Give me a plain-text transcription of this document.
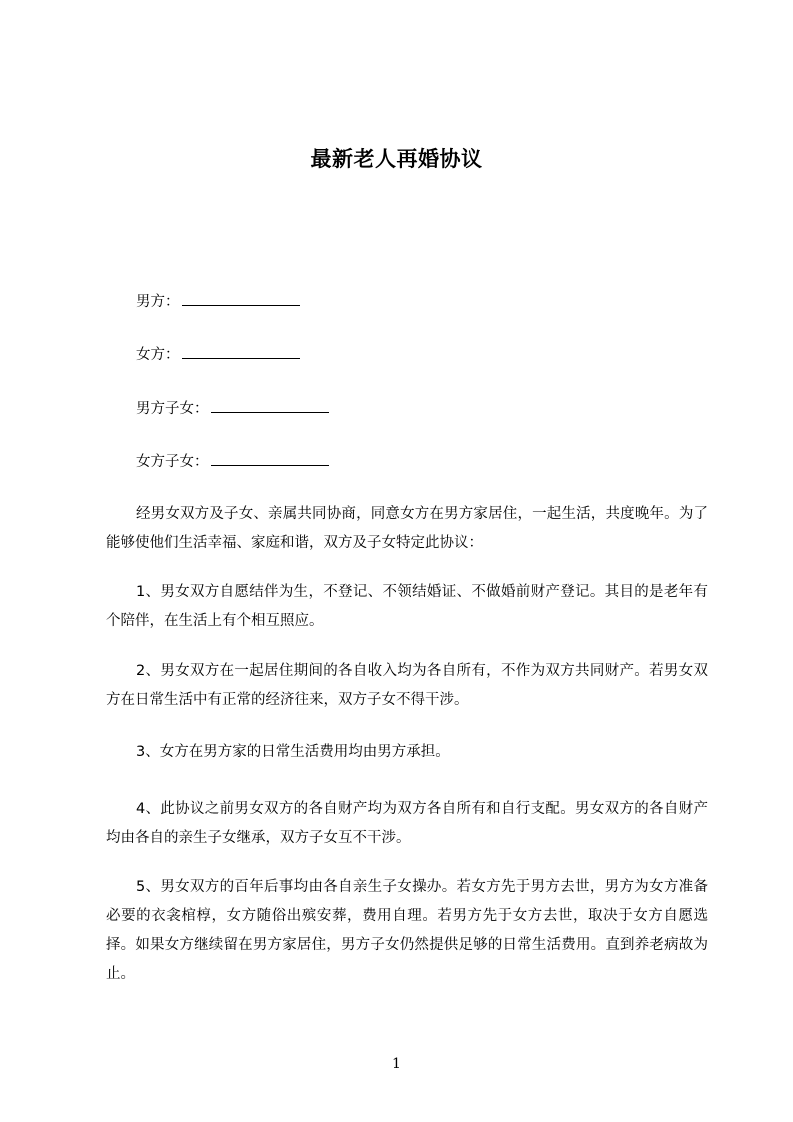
最新老人再婚协议
男方：
女方：
男方子女：
女方子女：
经男女双方及子女、亲属共同协商，同意女方在男方家居住，一起生活，共度晚年。为了能够使他们生活幸福、家庭和谐，双方及子女特定此协议：
1、男女双方自愿结伴为生，不登记、不领结婚证、不做婚前财产登记。其目的是老年有个陪伴，在生活上有个相互照应。
2、男女双方在一起居住期间的各自收入均为各自所有，不作为双方共同财产。若男女双方在日常生活中有正常的经济往来，双方子女不得干涉。
3、女方在男方家的日常生活费用均由男方承担。
4、此协议之前男女双方的各自财产均为双方各自所有和自行支配。男女双方的各自财产均由各自的亲生子女继承，双方子女互不干涉。
5、男女双方的百年后事均由各自亲生子女操办。若女方先于男方去世，男方为女方准备必要的衣衾棺椁，女方随俗出殡安葬，费用自理。若男方先于女方去世，取决于女方自愿选择。如果女方继续留在男方家居住，男方子女仍然提供足够的日常生活费用。直到养老病故为止。
1
